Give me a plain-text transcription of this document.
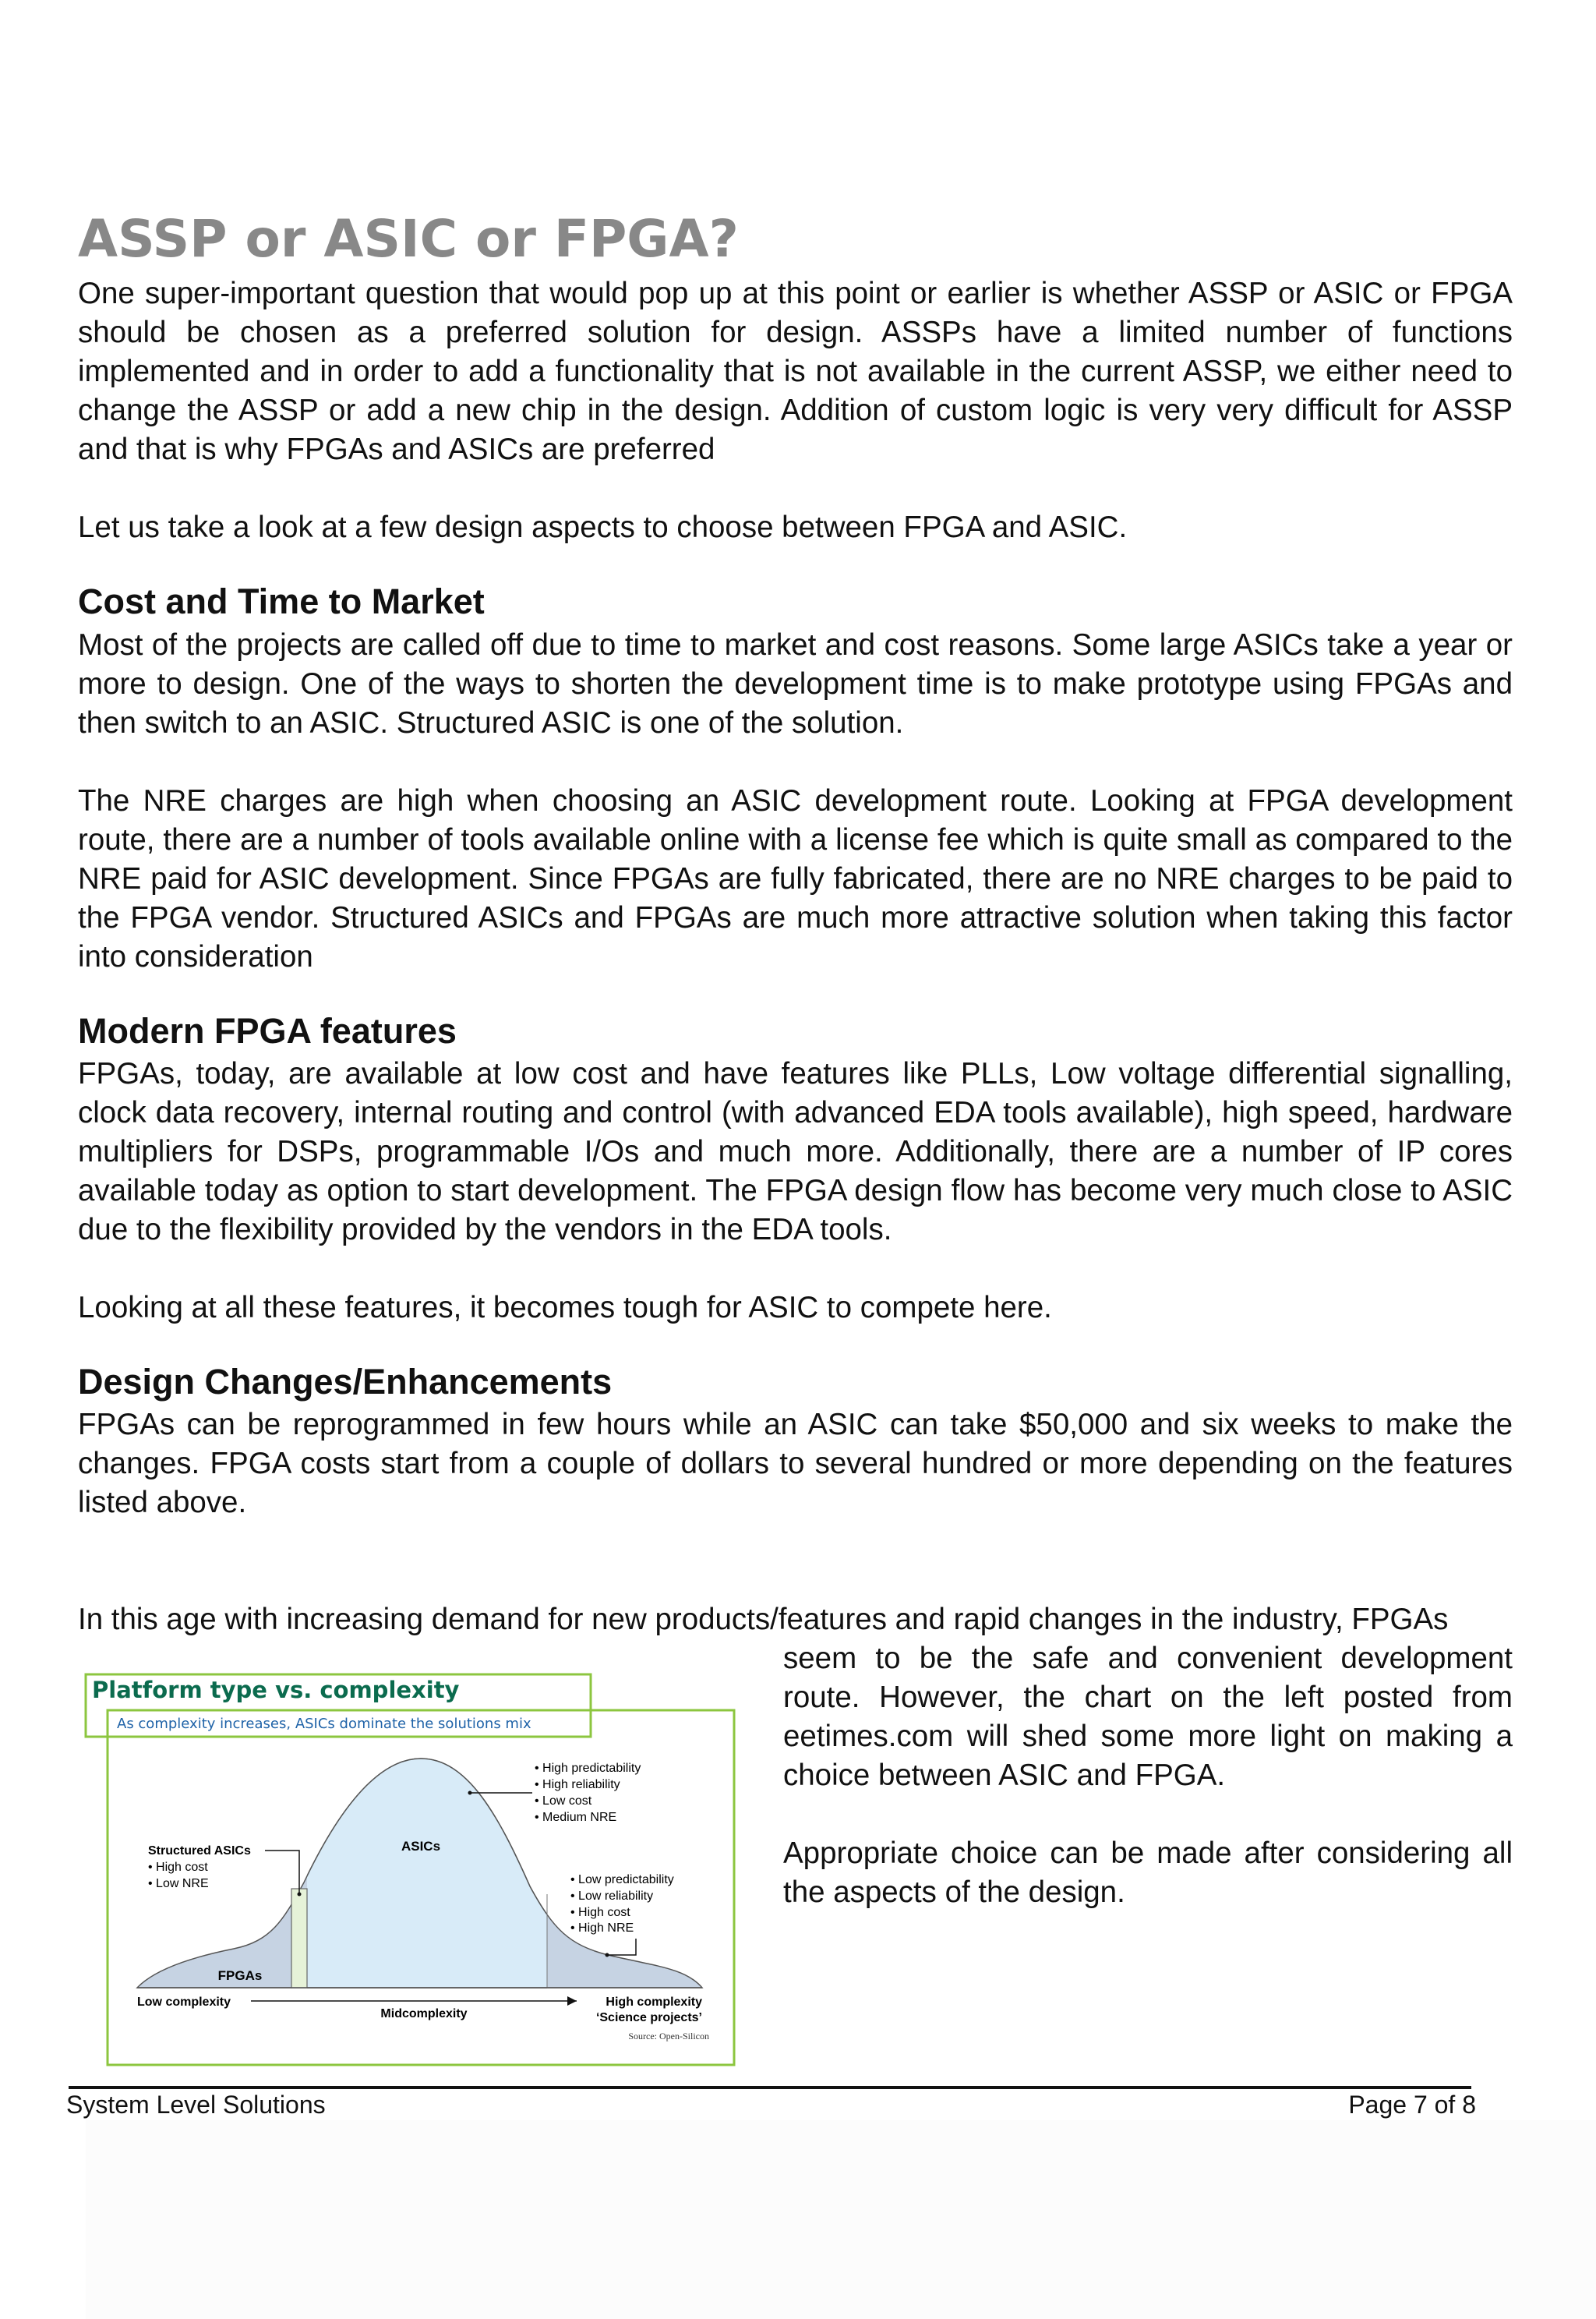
ASSP or ASIC or FPGA?

One super-important question that would pop up at this point or earlier is whether ASSP or ASIC or FPGA should be chosen as a preferred solution for design. ASSPs have a limited number of functions implemented and in order to add a functionality that is not available in the current ASSP, we either need to change the ASSP or add a new chip in the design. Addition of custom logic is very very difficult for ASSP and that is why FPGAs and ASICs are preferred

Let us take a look at a few design aspects to choose between FPGA and ASIC.

Cost and Time to Market

Most of the projects are called off due to time to market and cost reasons. Some large ASICs take a year or more to design. One of the ways to shorten the development time is to make prototype using FPGAs and then switch to an ASIC. Structured ASIC is one of the solution.

The NRE charges are high when choosing an ASIC development route. Looking at FPGA development route, there are a number of tools available online with a license fee which is quite small as compared to the NRE paid for ASIC development. Since FPGAs are fully fabricated, there are no NRE charges to be paid to the FPGA vendor. Structured ASICs and FPGAs are much more attractive solution when taking this factor into consideration

Modern FPGA features

FPGAs, today, are available at low cost and have features like PLLs, Low voltage differential signalling, clock data recovery, internal routing and control (with advanced EDA tools available), high speed, hardware multipliers for DSPs, programmable I/Os and much more. Additionally, there are a number of IP cores available today as option to start development. The FPGA design flow has become very much close to ASIC due to the flexibility provided by the vendors in the EDA tools.

Looking at all these features, it becomes tough for ASIC to compete here.

Design Changes/Enhancements

FPGAs can be reprogrammed in few hours while an ASIC can take $50,000 and six weeks to make the changes. FPGA costs start from a couple of dollars to several hundred or more depending on the features listed above.

In this age with increasing demand for new products/features and rapid changes in the industry, FPGAs

seem to be the safe and convenient development route. However, the chart on the left posted from eetimes.com will shed some more light on making a choice between ASIC and FPGA.
Appropriate choice can be made after considering all the aspects of the design.
Platform type vs. complexity
As complexity increases, ASICs dominate the solutions mix
ASICs
FPGAs
Structured ASICs
• High cost
• Low NRE
• High predictability
• High reliability
• Low cost
• Medium NRE
• Low predictability
• Low reliability
• High cost
• High NRE
Low complexity
Midcomplexity
High complexity
‘Science projects’
Source: Open-Silicon
System Level Solutions	Page 7 of 8
